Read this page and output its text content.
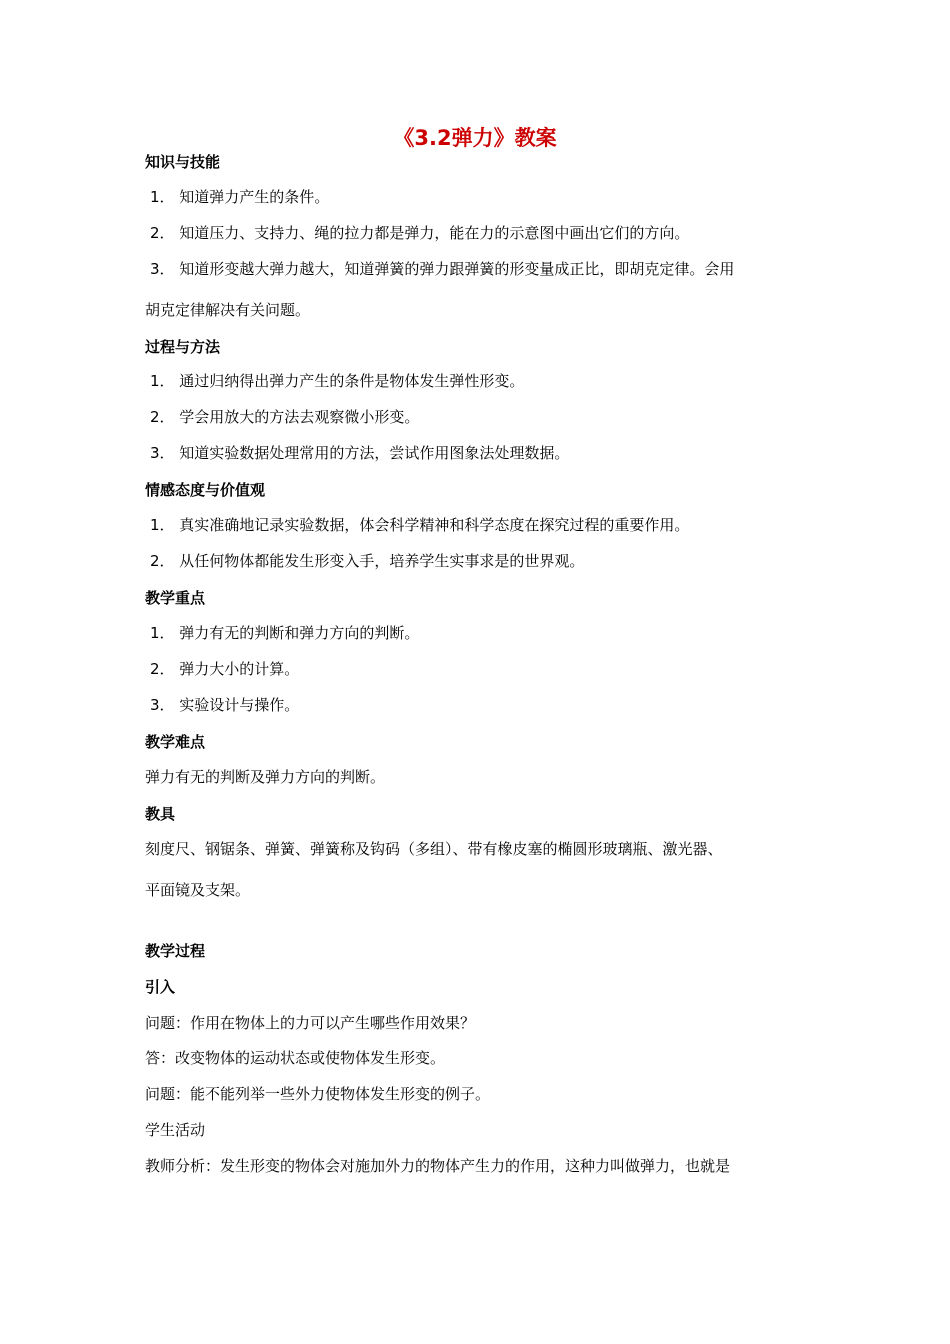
《3.2弹力》教案
知识与技能
1． 知道弹力产生的条件。
2． 知道压力、支持力、绳的拉力都是弹力，能在力的示意图中画出它们的方向。
3． 知道形变越大弹力越大，知道弹簧的弹力跟弹簧的形变量成正比，即胡克定律。会用
胡克定律解决有关问题。
过程与方法
1． 通过归纳得出弹力产生的条件是物体发生弹性形变。
2． 学会用放大的方法去观察微小形变。
3． 知道实验数据处理常用的方法，尝试作用图象法处理数据。
情感态度与价值观
1． 真实准确地记录实验数据，体会科学精神和科学态度在探究过程的重要作用。
2． 从任何物体都能发生形变入手，培养学生实事求是的世界观。
教学重点
1． 弹力有无的判断和弹力方向的判断。
2． 弹力大小的计算。
3． 实验设计与操作。
教学难点
弹力有无的判断及弹力方向的判断。
教具
刻度尺、钢锯条、弹簧、弹簧称及钩码（多组）、带有橡皮塞的椭圆形玻璃瓶、激光器、
平面镜及支架。
教学过程
引入
问题：作用在物体上的力可以产生哪些作用效果？
答：改变物体的运动状态或使物体发生形变。
问题：能不能列举一些外力使物体发生形变的例子。
学生活动
教师分析：发生形变的物体会对施加外力的物体产生力的作用，这种力叫做弹力，也就是
